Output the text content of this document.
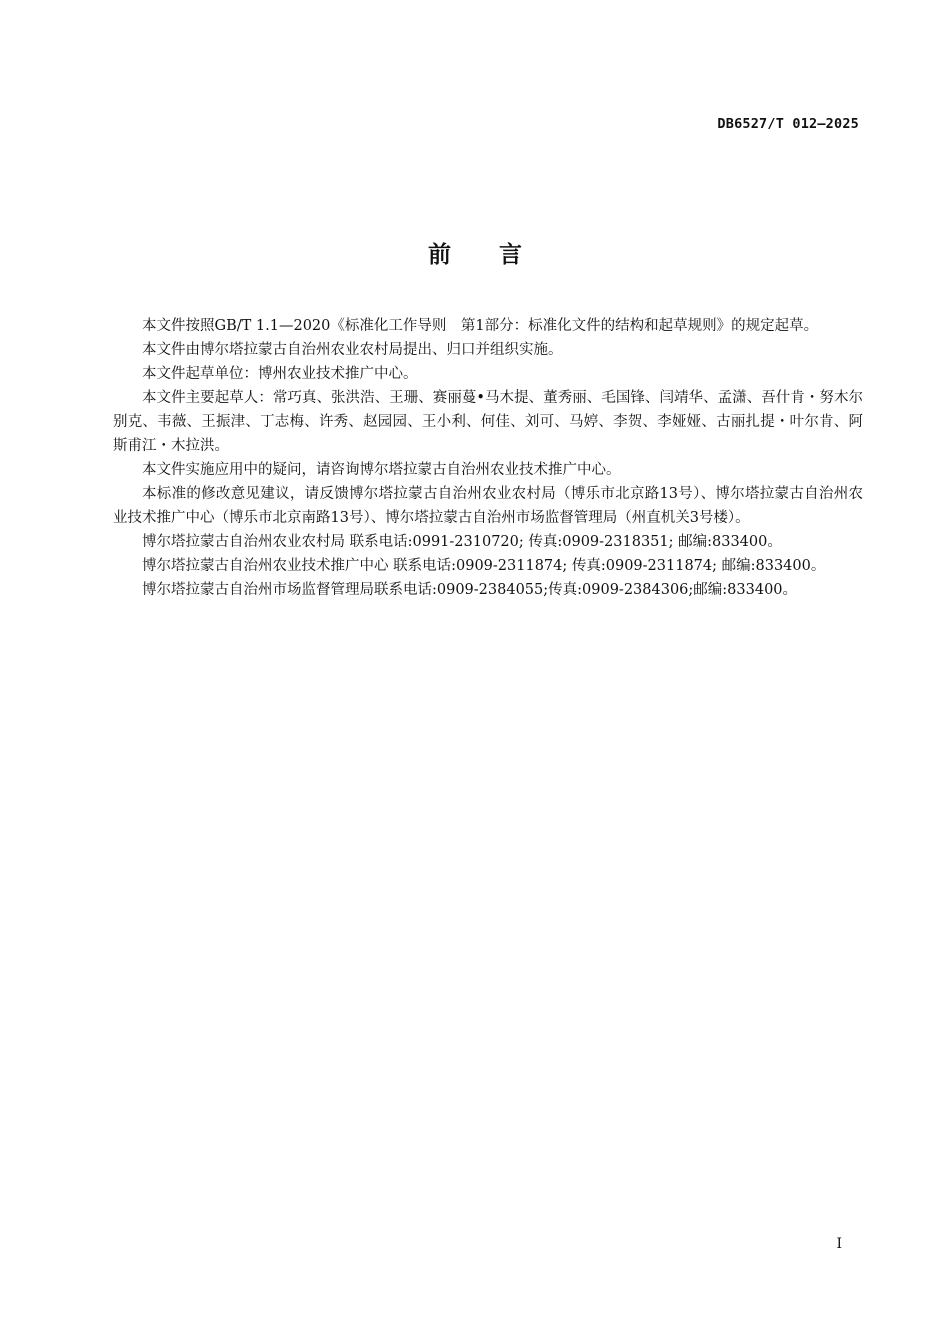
DB6527/T 012—2025
前言

本文件按照GB/T 1.1—2020《标准化工作导则　第1部分：标准化文件的结构和起草规则》的规定起草。

本文件由博尔塔拉蒙古自治州农业农村局提出、归口并组织实施。

本文件起草单位：博州农业技术推广中心。

本文件主要起草人：常巧真、张洪浩、王珊、赛丽蔓•马木提、董秀丽、毛国锋、闫靖华、孟潇、吾什肯・努木尔别克、韦薇、王振津、丁志梅、许秀、赵园园、王小利、何佳、刘可、马婷、李贺、李娅娅、古丽扎提・叶尔肯、阿斯甫江・木拉洪。

本文件实施应用中的疑问，请咨询博尔塔拉蒙古自治州农业技术推广中心。

本标准的修改意见建议，请反馈博尔塔拉蒙古自治州农业农村局（博乐市北京路13号）、博尔塔拉蒙古自治州农业技术推广中心（博乐市北京南路13号）、博尔塔拉蒙古自治州市场监督管理局（州直机关3号楼）。

博尔塔拉蒙古自治州农业农村局 联系电话:0991-2310720; 传真:0909-2318351; 邮编:833400。

博尔塔拉蒙古自治州农业技术推广中心 联系电话:0909-2311874; 传真:0909-2311874; 邮编:833400。

博尔塔拉蒙古自治州市场监督管理局联系电话:0909-2384055;传真:0909-2384306;邮编:833400。

I
